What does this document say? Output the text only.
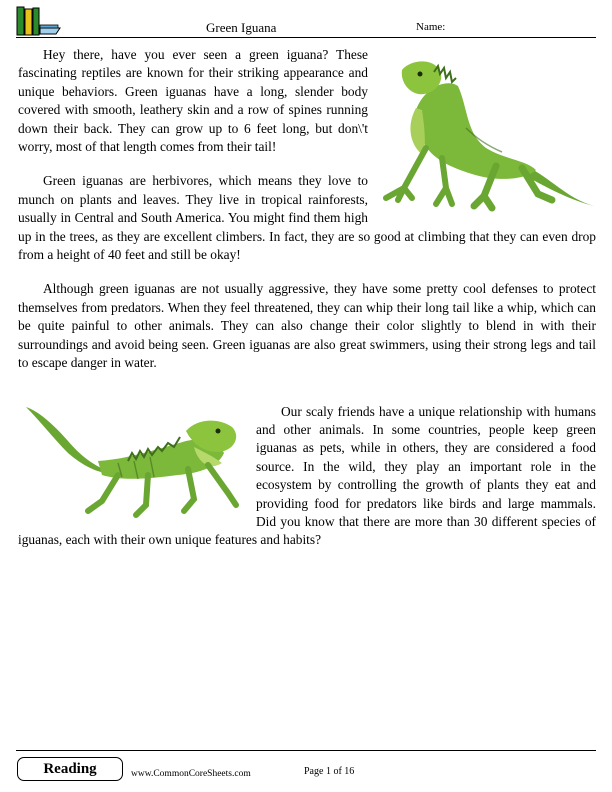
Green Iguana	Name:

Hey there, have you ever seen a green iguana? These fascinating reptiles are known for their striking appearance and unique behaviors. Green iguanas have a long, slender body covered with smooth, leathery skin and a row of spines running down their back. They can grow up to 6 feet long, but don\'t worry, most of that length comes from their tail!

Green iguanas are herbivores, which means they love to munch on plants and leaves. They live in tropical rainforests, usually in Central and South America. You might find them high up in the trees, as they are excellent climbers. In fact, they are so good at climbing that they can even drop from a height of 40 feet and still be okay!

Although green iguanas are not usually aggressive, they have some pretty cool defenses to protect themselves from predators. When they feel threatened, they can whip their long tail like a whip, which can be quite painful to other animals. They can also change their color slightly to blend in with their surroundings and avoid being seen. Green iguanas are also great swimmers, using their strong legs and tail to escape danger in water.

Our scaly friends have a unique relationship with humans and other animals. In some countries, people keep green iguanas as pets, while in others, they are considered a food source. In the wild, they play an important role in the ecosystem by controlling the growth of plants they eat and providing food for predators like birds and large mammals. Did you know that there are more than 30 different species of iguanas, each with their own unique features and habits?

Reading	www.CommonCoreSheets.com	Page 1 of 16
